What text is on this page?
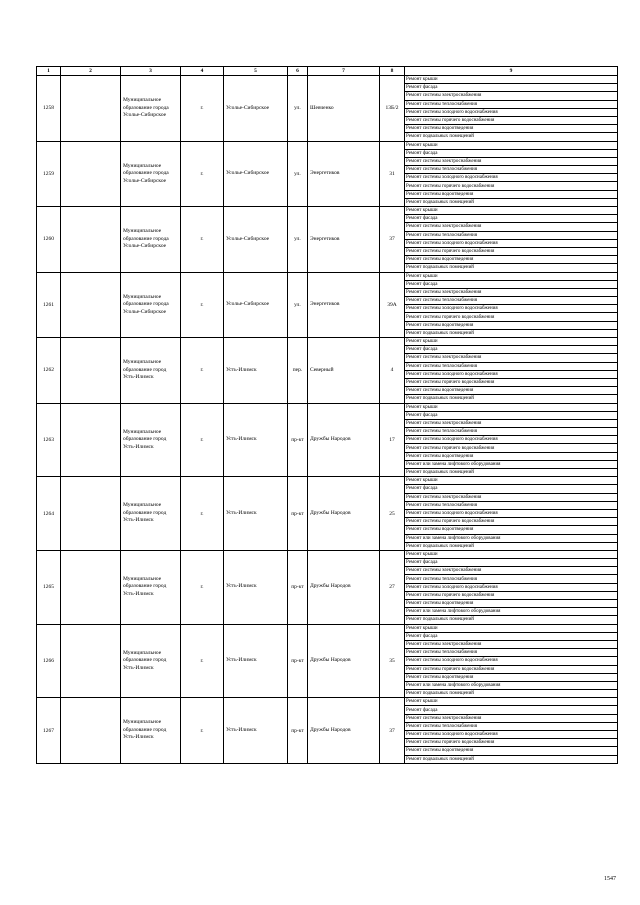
1	2	3	4	5	6	7	8	9
1258		Муниципальное образование города Усолье-Сибирское	г.	Усолье-Сибирское	ул.	Шевченко	13Б/2	Ремонт крыши
								Ремонт фасада
								Ремонт системы электроснабжения
								Ремонт системы теплоснабжения
								Ремонт системы холодного водоснабжения
								Ремонт системы горячего водоснабжения
								Ремонт системы водоотведения
								Ремонт подвальных помещений
1259		Муниципальное образование города Усолье-Сибирское	г.	Усолье-Сибирское	ул.	Энергетиков	31	Ремонт крыши
								Ремонт фасада
								Ремонт системы электроснабжения
								Ремонт системы теплоснабжения
								Ремонт системы холодного водоснабжения
								Ремонт системы горячего водоснабжения
								Ремонт системы водоотведения
								Ремонт подвальных помещений
1260		Муниципальное образование города Усолье-Сибирское	г.	Усолье-Сибирское	ул.	Энергетиков	37	Ремонт крыши
								Ремонт фасада
								Ремонт системы электроснабжения
								Ремонт системы теплоснабжения
								Ремонт системы холодного водоснабжения
								Ремонт системы горячего водоснабжения
								Ремонт системы водоотведения
								Ремонт подвальных помещений
1261		Муниципальное образование города Усолье-Сибирское	г.	Усолье-Сибирское	ул.	Энергетиков	39А	Ремонт крыши
								Ремонт фасада
								Ремонт системы электроснабжения
								Ремонт системы теплоснабжения
								Ремонт системы холодного водоснабжения
								Ремонт системы горячего водоснабжения
								Ремонт системы водоотведения
								Ремонт подвальных помещений
1262		Муниципальное образование город Усть-Илимск	г.	Усть-Илимск	пер.	Северный	4	Ремонт крыши
								Ремонт фасада
								Ремонт системы электроснабжения
								Ремонт системы теплоснабжения
								Ремонт системы холодного водоснабжения
								Ремонт системы горячего водоснабжения
								Ремонт системы водоотведения
								Ремонт подвальных помещений
1263		Муниципальное образование город Усть-Илимск	г.	Усть-Илимск	пр-кт	Дружбы Народов	17	Ремонт крыши
								Ремонт фасада
								Ремонт системы электроснабжения
								Ремонт системы теплоснабжения
								Ремонт системы холодного водоснабжения
								Ремонт системы горячего водоснабжения
								Ремонт системы водоотведения
								Ремонт или замена лифтового оборудования
								Ремонт подвальных помещений
1264		Муниципальное образование город Усть-Илимск	г.	Усть-Илимск	пр-кт	Дружбы Народов	25	Ремонт крыши
								Ремонт фасада
								Ремонт системы электроснабжения
								Ремонт системы теплоснабжения
								Ремонт системы холодного водоснабжения
								Ремонт системы горячего водоснабжения
								Ремонт системы водоотведения
								Ремонт или замена лифтового оборудования
								Ремонт подвальных помещений
1265		Муниципальное образование город Усть-Илимск	г.	Усть-Илимск	пр-кт	Дружбы Народов	27	Ремонт крыши
								Ремонт фасада
								Ремонт системы электроснабжения
								Ремонт системы теплоснабжения
								Ремонт системы холодного водоснабжения
								Ремонт системы горячего водоснабжения
								Ремонт системы водоотведения
								Ремонт или замена лифтового оборудования
								Ремонт подвальных помещений
1266		Муниципальное образование город Усть-Илимск	г.	Усть-Илимск	пр-кт	Дружбы Народов	35	Ремонт крыши
								Ремонт фасада
								Ремонт системы электроснабжения
								Ремонт системы теплоснабжения
								Ремонт системы холодного водоснабжения
								Ремонт системы горячего водоснабжения
								Ремонт системы водоотведения
								Ремонт или замена лифтового оборудования
								Ремонт подвальных помещений
1267		Муниципальное образование город Усть-Илимск	г.	Усть-Илимск	пр-кт	Дружбы Народов	37	Ремонт крыши
								Ремонт фасада
								Ремонт системы электроснабжения
								Ремонт системы теплоснабжения
								Ремонт системы холодного водоснабжения
								Ремонт системы горячего водоснабжения
								Ремонт системы водоотведения
								Ремонт подвальных помещений
1547
